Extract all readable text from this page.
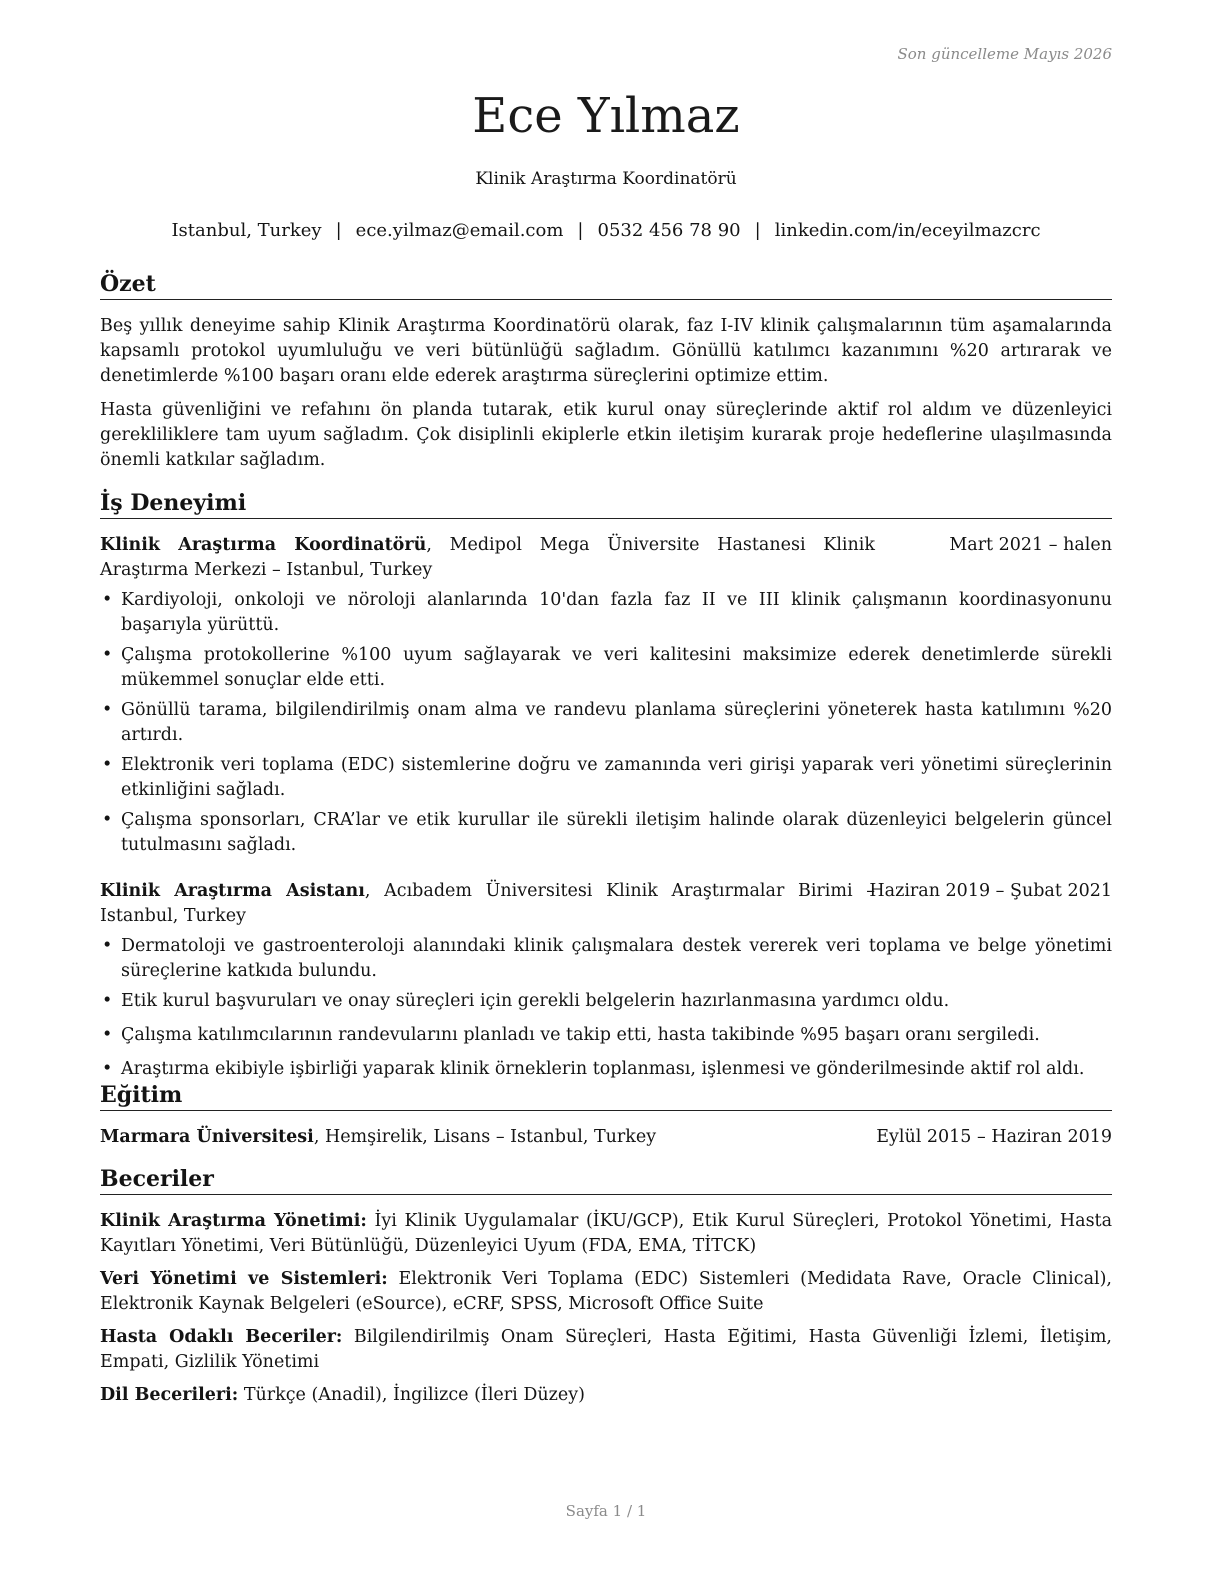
Son güncelleme Mayıs 2026
Ece Yılmaz
Klinik Araştırma Koordinatörü
Istanbul, Turkey | ece.yilmaz@email.com | 0532 456 78 90 | linkedin.com/in/eceyilmazcrc
Özet

Beş yıllık deneyime sahip Klinik Araştırma Koordinatörü olarak, faz I-IV klinik çalışmalarının tüm aşamalarında kapsamlı protokol uyumluluğu ve veri bütünlüğü sağladım. Gönüllü katılımcı kazanımını %20 artırarak ve denetimlerde %100 başarı oranı elde ederek araştırma süreçlerini optimize ettim.

Hasta güvenliğini ve refahını ön planda tutarak, etik kurul onay süreçlerinde aktif rol aldım ve düzenleyici gerekliliklere tam uyum sağladım. Çok disiplinli ekiplerle etkin iletişim kurarak proje hedeflerine ulaşılmasında önemli katkılar sağladım.

İş Deneyimi
Klinik Araştırma Koordinatörü, Medipol Mega Üniversite Hastanesi Klinik Araştırma Merkezi – Istanbul, Turkey
Mart 2021 – halen
• Kardiyoloji, onkoloji ve nöroloji alanlarında 10'dan fazla faz II ve III klinik çalışmanın koordinasyonunu başarıyla yürüttü.
• Çalışma protokollerine %100 uyum sağlayarak ve veri kalitesini maksimize ederek denetimlerde sürekli mükemmel sonuçlar elde etti.
• Gönüllü tarama, bilgilendirilmiş onam alma ve randevu planlama süreçlerini yöneterek hasta katılımını %20 artırdı.
• Elektronik veri toplama (EDC) sistemlerine doğru ve zamanında veri girişi yaparak veri yönetimi süreçlerinin etkinliğini sağladı.
• Çalışma sponsorları, CRA’lar ve etik kurullar ile sürekli iletişim halinde olarak düzenleyici belgelerin güncel tutulmasını sağladı.
Klinik Araştırma Asistanı, Acıbadem Üniversitesi Klinik Araştırmalar Birimi – Istanbul, Turkey
Haziran 2019 – Şubat 2021
• Dermatoloji ve gastroenteroloji alanındaki klinik çalışmalara destek vererek veri toplama ve belge yönetimi süreçlerine katkıda bulundu.
• Etik kurul başvuruları ve onay süreçleri için gerekli belgelerin hazırlanmasına yardımcı oldu.
• Çalışma katılımcılarının randevularını planladı ve takip etti, hasta takibinde %95 başarı oranı sergiledi.
• Araştırma ekibiyle işbirliği yaparak klinik örneklerin toplanması, işlenmesi ve gönderilmesinde aktif rol aldı.
Eğitim
Marmara Üniversitesi, Hemşirelik, Lisans – Istanbul, Turkey	Eylül 2015 – Haziran 2019
Beceriler
Klinik Araştırma Yönetimi: İyi Klinik Uygulamalar (İKU/GCP), Etik Kurul Süreçleri, Protokol Yönetimi, Hasta Kayıtları Yönetimi, Veri Bütünlüğü, Düzenleyici Uyum (FDA, EMA, TİTCK)
Veri Yönetimi ve Sistemleri: Elektronik Veri Toplama (EDC) Sistemleri (Medidata Rave, Oracle Clinical), Elektronik Kaynak Belgeleri (eSource), eCRF, SPSS, Microsoft Office Suite
Hasta Odaklı Beceriler: Bilgilendirilmiş Onam Süreçleri, Hasta Eğitimi, Hasta Güvenliği İzlemi, İletişim, Empati, Gizlilik Yönetimi
Dil Becerileri: Türkçe (Anadil), İngilizce (İleri Düzey)
Sayfa 1 / 1
